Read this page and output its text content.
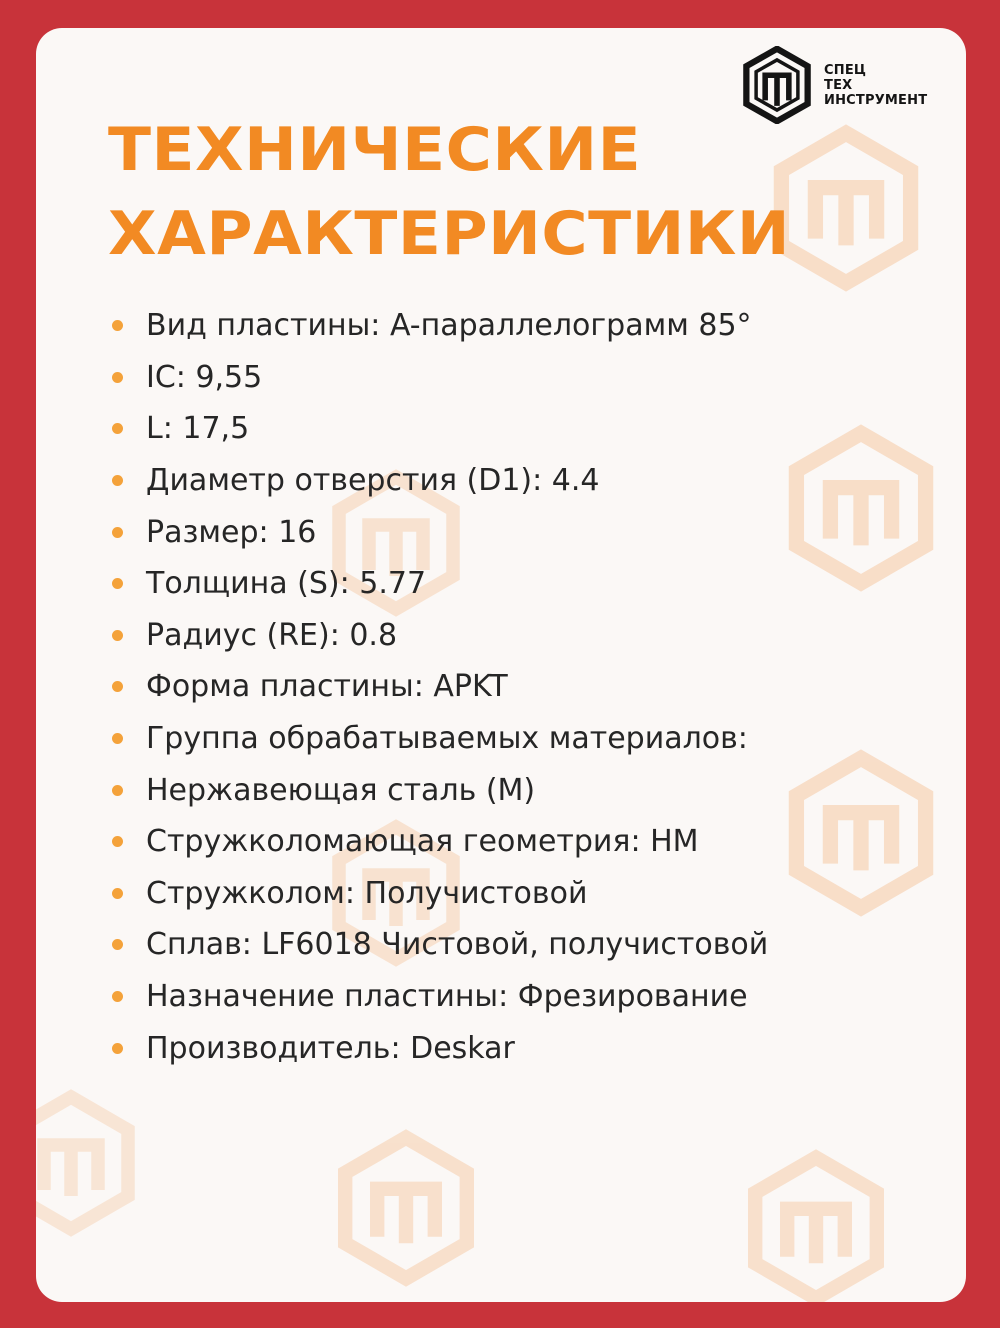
СПЕЦ
ТЕХ
ИНСТРУМЕНТ
ТЕХНИЧЕСКИЕ
ХАРАКТЕРИСТИКИ
Вид пластины: A-параллелограмм 85°
IC: 9,55
L: 17,5
Диаметр отверстия (D1): 4.4
Размер: 16
Толщина (S): 5.77
Радиус (RE): 0.8
Форма пластины: APKT
Группа обрабатываемых материалов:
Нержавеющая сталь (М)
Стружколомающая геометрия: HM
Стружколом: Получистовой
Сплав: LF6018 Чистовой, получистовой
Назначение пластины: Фрезирование
Производитель: Deskar
